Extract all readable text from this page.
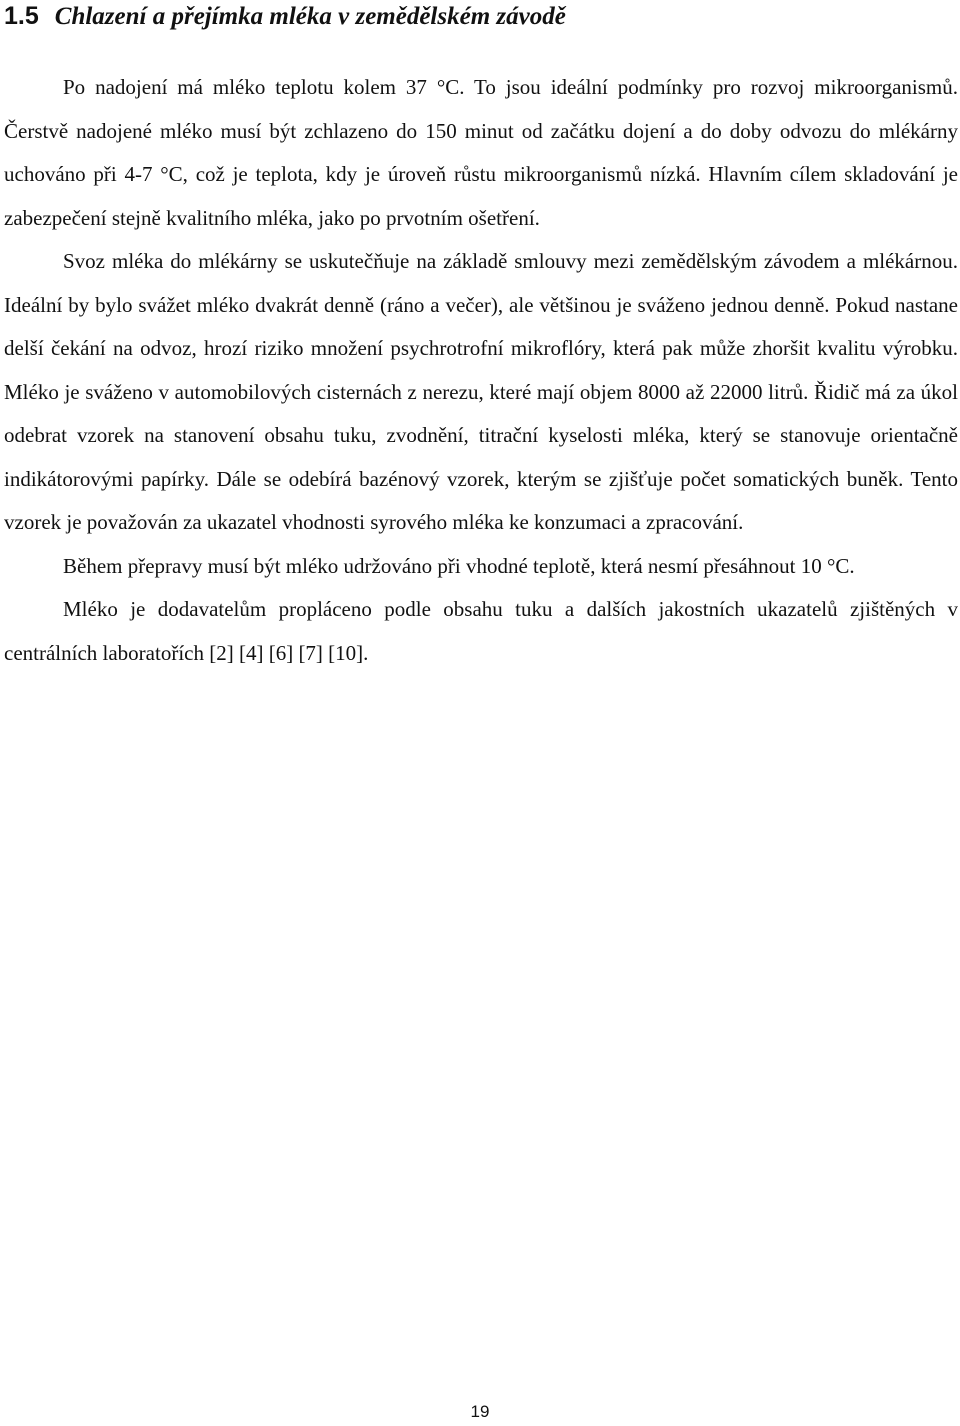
1.5 Chlazení a přejímka mléka v zemědělském závodě

Po nadojení má mléko teplotu kolem 37 °C. To jsou ideální podmínky pro rozvoj mikroorganismů. Čerstvě nadojené mléko musí být zchlazeno do 150 minut od začátku dojení a do doby odvozu do mlékárny uchováno při 4-7 °C, což je teplota, kdy je úroveň růstu mikroorganismů nízká. Hlavním cílem skladování je zabezpečení stejně kvalitního mléka, jako po prvotním ošetření.

Svoz mléka do mlékárny se uskutečňuje na základě smlouvy mezi zemědělským závodem a mlékárnou. Ideální by bylo svážet mléko dvakrát denně (ráno a večer), ale většinou je sváženo jednou denně. Pokud nastane delší čekání na odvoz, hrozí riziko množení psychrotrofní mikroflóry, která pak může zhoršit kvalitu výrobku. Mléko je sváženo v automobilových cisternách z nerezu, které mají objem 8000 až 22000 litrů. Řidič má za úkol odebrat vzorek na stanovení obsahu tuku, zvodnění, titrační kyselosti mléka, který se stanovuje orientačně indikátorovými papírky. Dále se odebírá bazénový vzorek, kterým se zjišťuje počet somatických buněk. Tento vzorek je považován za ukazatel vhodnosti syrového mléka ke konzumaci a zpracování.

Během přepravy musí být mléko udržováno při vhodné teplotě, která nesmí přesáhnout 10 °C.

Mléko je dodavatelům propláceno podle obsahu tuku a dalších jakostních ukazatelů zjištěných v centrálních laboratořích [2] [4] [6] [7] [10].

19
